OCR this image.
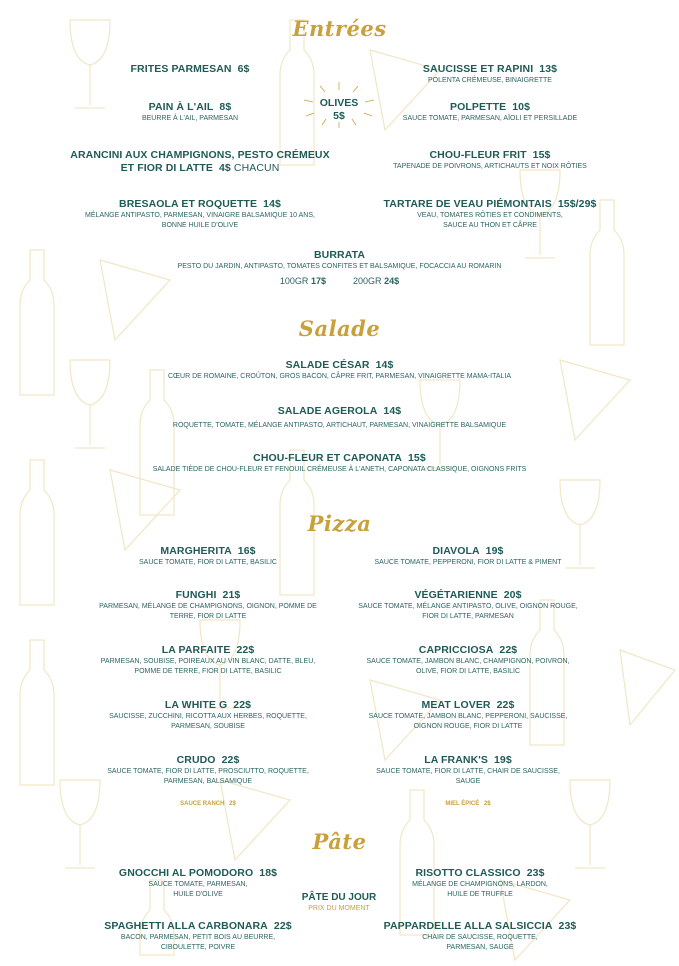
Entrées
FRITES PARMESAN 6$	SAUCISSE ET RAPINI 13$
POLENTA CRÉMEUSE, BINAIGRETTE
OLIVES
5$
PAIN À L'AIL 8$
BEURRE À L'AIL, PARMESAN
POLPETTE 10$
SAUCE TOMATE, PARMESAN, AÏOLI ET PERSILLADE
ARANCINI AUX CHAMPIGNONS, PESTO CRÉMEUX
ET FIOR DI LATTE 4$ CHACUN
CHOU-FLEUR FRIT 15$
TAPENADE DE POIVRONS, ARTICHAUTS ET NOIX RÔTIES
BRESAOLA ET ROQUETTE 14$
MÉLANGE ANTIPASTO, PARMESAN, VINAIGRE BALSAMIQUE 10 ANS,
BONNE HUILE D'OLIVE
TARTARE DE VEAU PIÉMONTAIS 15$/29$
VEAU, TOMATES RÔTIES ET CONDIMENTS,
SAUCE AU THON ET CÂPRE
BURRATA
PESTO DU JARDIN, ANTIPASTO, TOMATES CONFITES ET BALSAMIQUE, FOCACCIA AU ROMARIN
100GR 17$	200GR 24$
Salade
SALADE CÉSAR 14$
CŒUR DE ROMAINE, CROÛTON, GROS BACON, CÂPRE FRIT, PARMESAN, VINAIGRETTE MAMA-ITALIA
SALADE AGEROLA 14$
ROQUETTE, TOMATE, MÉLANGE ANTIPASTO, ARTICHAUT, PARMESAN, VINAIGRETTE BALSAMIQUE
CHOU-FLEUR ET CAPONATA 15$
SALADE TIÈDE DE CHOU-FLEUR ET FENOUIL CRÉMEUSE À L'ANETH, CAPONATA CLASSIQUE, OIGNONS FRITS
Pizza
MARGHERITA 16$
SAUCE TOMATE, FIOR DI LATTE, BASILIC
DIAVOLA 19$
SAUCE TOMATE, PEPPERONI, FIOR DI LATTE & PIMENT
FUNGHI 21$
PARMESAN, MÉLANGE DE CHAMPIGNONS, OIGNON, POMME DE
TERRE, FIOR DI LATTE
VÉGÉTARIENNE 20$
SAUCE TOMATE, MÉLANGE ANTIPASTO, OLIVE, OIGNON ROUGE,
FIOR DI LATTE, PARMESAN
LA PARFAITE 22$
PARMESAN, SOUBISE, POIREAUX AU VIN BLANC, DATTE, BLEU,
POMME DE TERRE, FIOR DI LATTE, BASILIC
CAPRICCIOSA 22$
SAUCE TOMATE, JAMBON BLANC, CHAMPIGNON, POIVRON,
OLIVE, FIOR DI LATTE, BASILIC
LA WHITE G 22$
SAUCISSE, ZUCCHINI, RICOTTA AUX HERBES, ROQUETTE,
PARMESAN, SOUBISE
MEAT LOVER 22$
SAUCE TOMATE, JAMBON BLANC, PEPPERONI, SAUCISSE,
OIGNON ROUGE, FIOR DI LATTE
CRUDO 22$
SAUCE TOMATE, FIOR DI LATTE, PROSCIUTTO, ROQUETTE,
PARMESAN, BALSAMIQUE
LA FRANK'S 19$
SAUCE TOMATE, FIOR DI LATTE, CHAIR DE SAUCISSE,
SAUGE
SAUCE RANCH 2$	MIEL ÉPICÉ 2$
Pâte
GNOCCHI AL POMODORO 18$
SAUCE TOMATE, PARMESAN,
HUILE D'OLIVE	PÂTE DU JOUR
PRIX DU MOMENT
RISOTTO CLASSICO 23$
MÉLANGE DE CHAMPIGNONS, LARDON,
HUILE DE TRUFFLE
SPAGHETTI ALLA CARBONARA 22$
BACON, PARMESAN, PETIT BOIS AU BEURRE,
CIBOULETTE, POIVRE
PAPPARDELLE ALLA SALSICCIA 23$
CHAIR DE SAUCISSE, ROQUETTE,
PARMESAN, SAUGE
